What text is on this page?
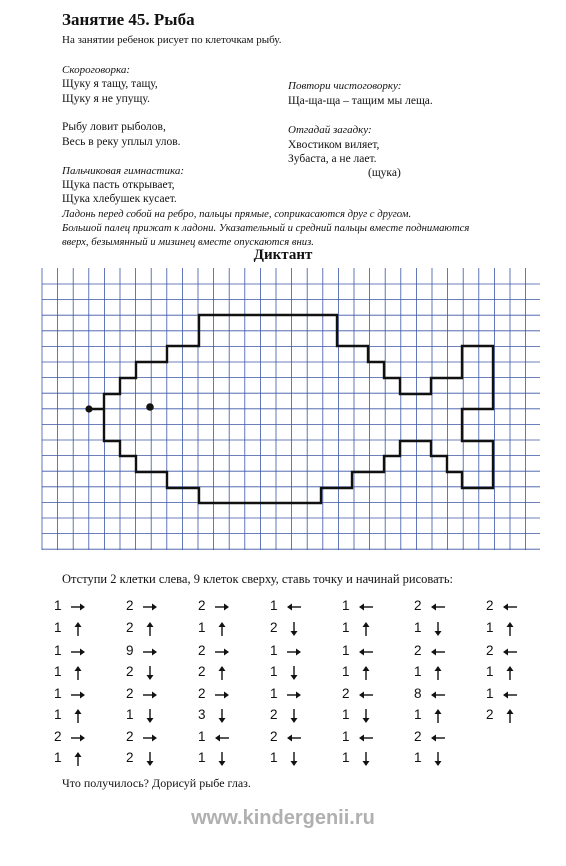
Занятие 45. Рыба
На занятии ребенок рисует по клеточкам рыбу.
Скороговорка:
Щуку я тащу, тащу,
Щуку я не упущу.
Рыбу ловит рыболов,
Весь в реку уплыл улов.
Повтори чистоговорку:
Ща-ща-ща – тащим мы леща.
Отгадай загадку:
Хвостиком виляет,
Зубаста, а не лает.
(щука)
Пальчиковая гимнастика:
Щука пасть открывает,
Щука хлебушек кусает.
Ладонь перед собой на ребро, пальцы прямые, соприкасаются друг с другом.
Большой палец прижат к ладони. Указательный и средний пальцы вместе поднимаются
вверх, безымянный и мизинец вместе опускаются вниз.
Диктант
Отступи 2 клетки слева, 9 клеток сверху, ставь точку и начинай рисовать:
1
1
1
1
1
1
2
1
2
2
9
2
2
1
2
2
2
1
2
2
2
3
1
1
1
2
1
1
1
2
2
1
1
1
1
1
2
1
1
1
2
1
2
1
8
1
2
1
2
1
2
1
1
2
Что получилось? Дорисуй рыбе глаз.
www.kindergenii.ru
